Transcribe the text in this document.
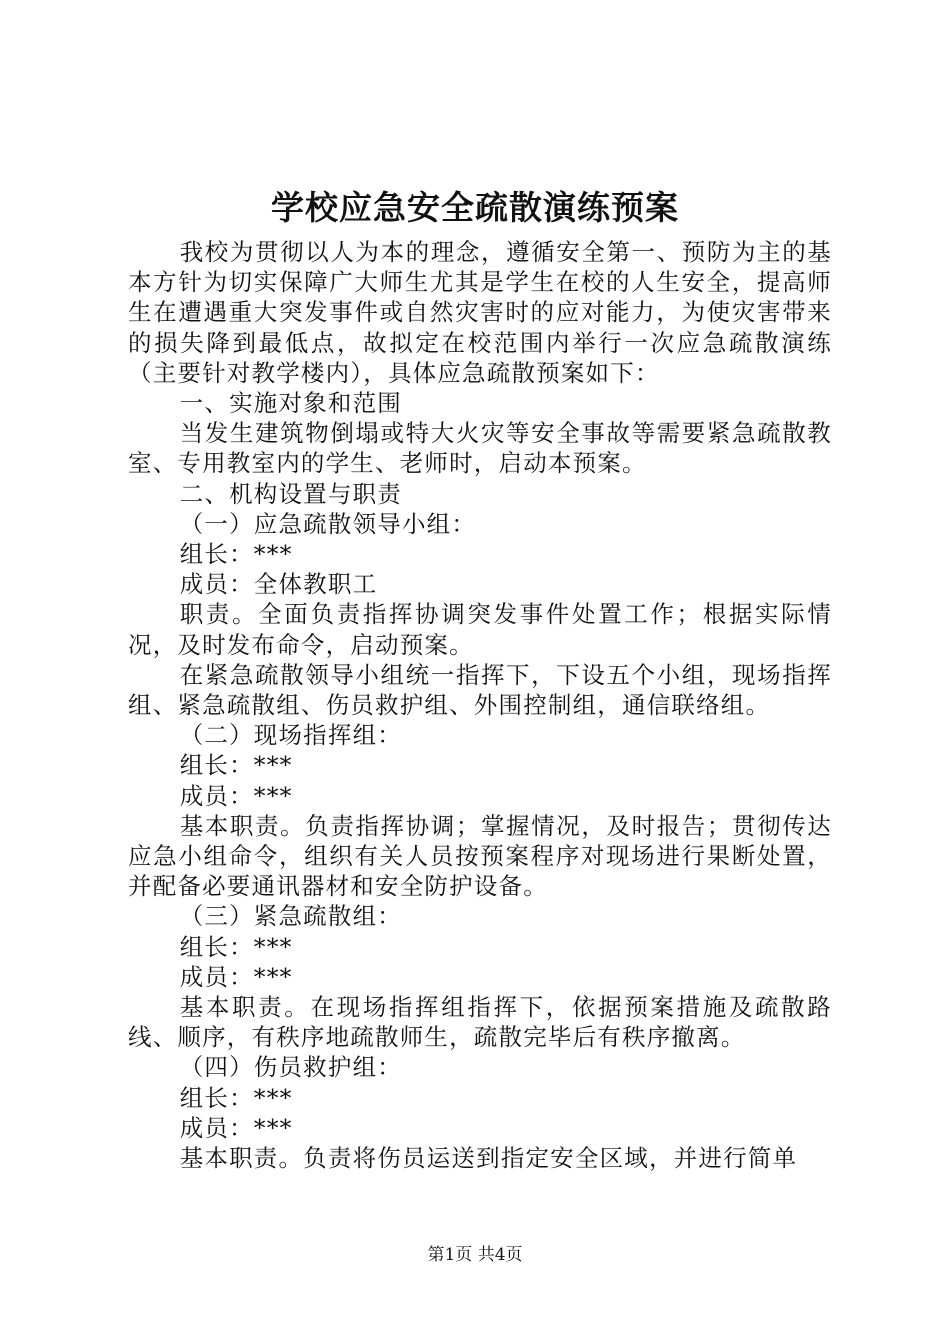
学校应急安全疏散演练预案

我校为贯彻以人为本的理念，遵循安全第一、预防为主的基本方针为切实保障广大师生尤其是学生在校的人生安全，提高师生在遭遇重大突发事件或自然灾害时的应对能力，为使灾害带来的损失降到最低点，故拟定在校范围内举行一次应急疏散演练（主要针对教学楼内），具体应急疏散预案如下：

一、实施对象和范围

当发生建筑物倒塌或特大火灾等安全事故等需要紧急疏散教室、专用教室内的学生、老师时，启动本预案。

二、机构设置与职责

（一）应急疏散领导小组：

组长：***

成员：全体教职工

职责。全面负责指挥协调突发事件处置工作；根据实际情况，及时发布命令，启动预案。

在紧急疏散领导小组统一指挥下，下设五个小组，现场指挥组、紧急疏散组、伤员救护组、外围控制组，通信联络组。

（二）现场指挥组：

组长：***

成员：***

基本职责。负责指挥协调；掌握情况，及时报告；贯彻传达应急小组命令，组织有关人员按预案程序对现场进行果断处置，并配备必要通讯器材和安全防护设备。

（三）紧急疏散组：

组长：***

成员：***

基本职责。在现场指挥组指挥下，依据预案措施及疏散路线、顺序，有秩序地疏散师生，疏散完毕后有秩序撤离。

（四）伤员救护组：

组长：***

成员：***

基本职责。负责将伤员运送到指定安全区域，并进行简单

第1页 共4页
